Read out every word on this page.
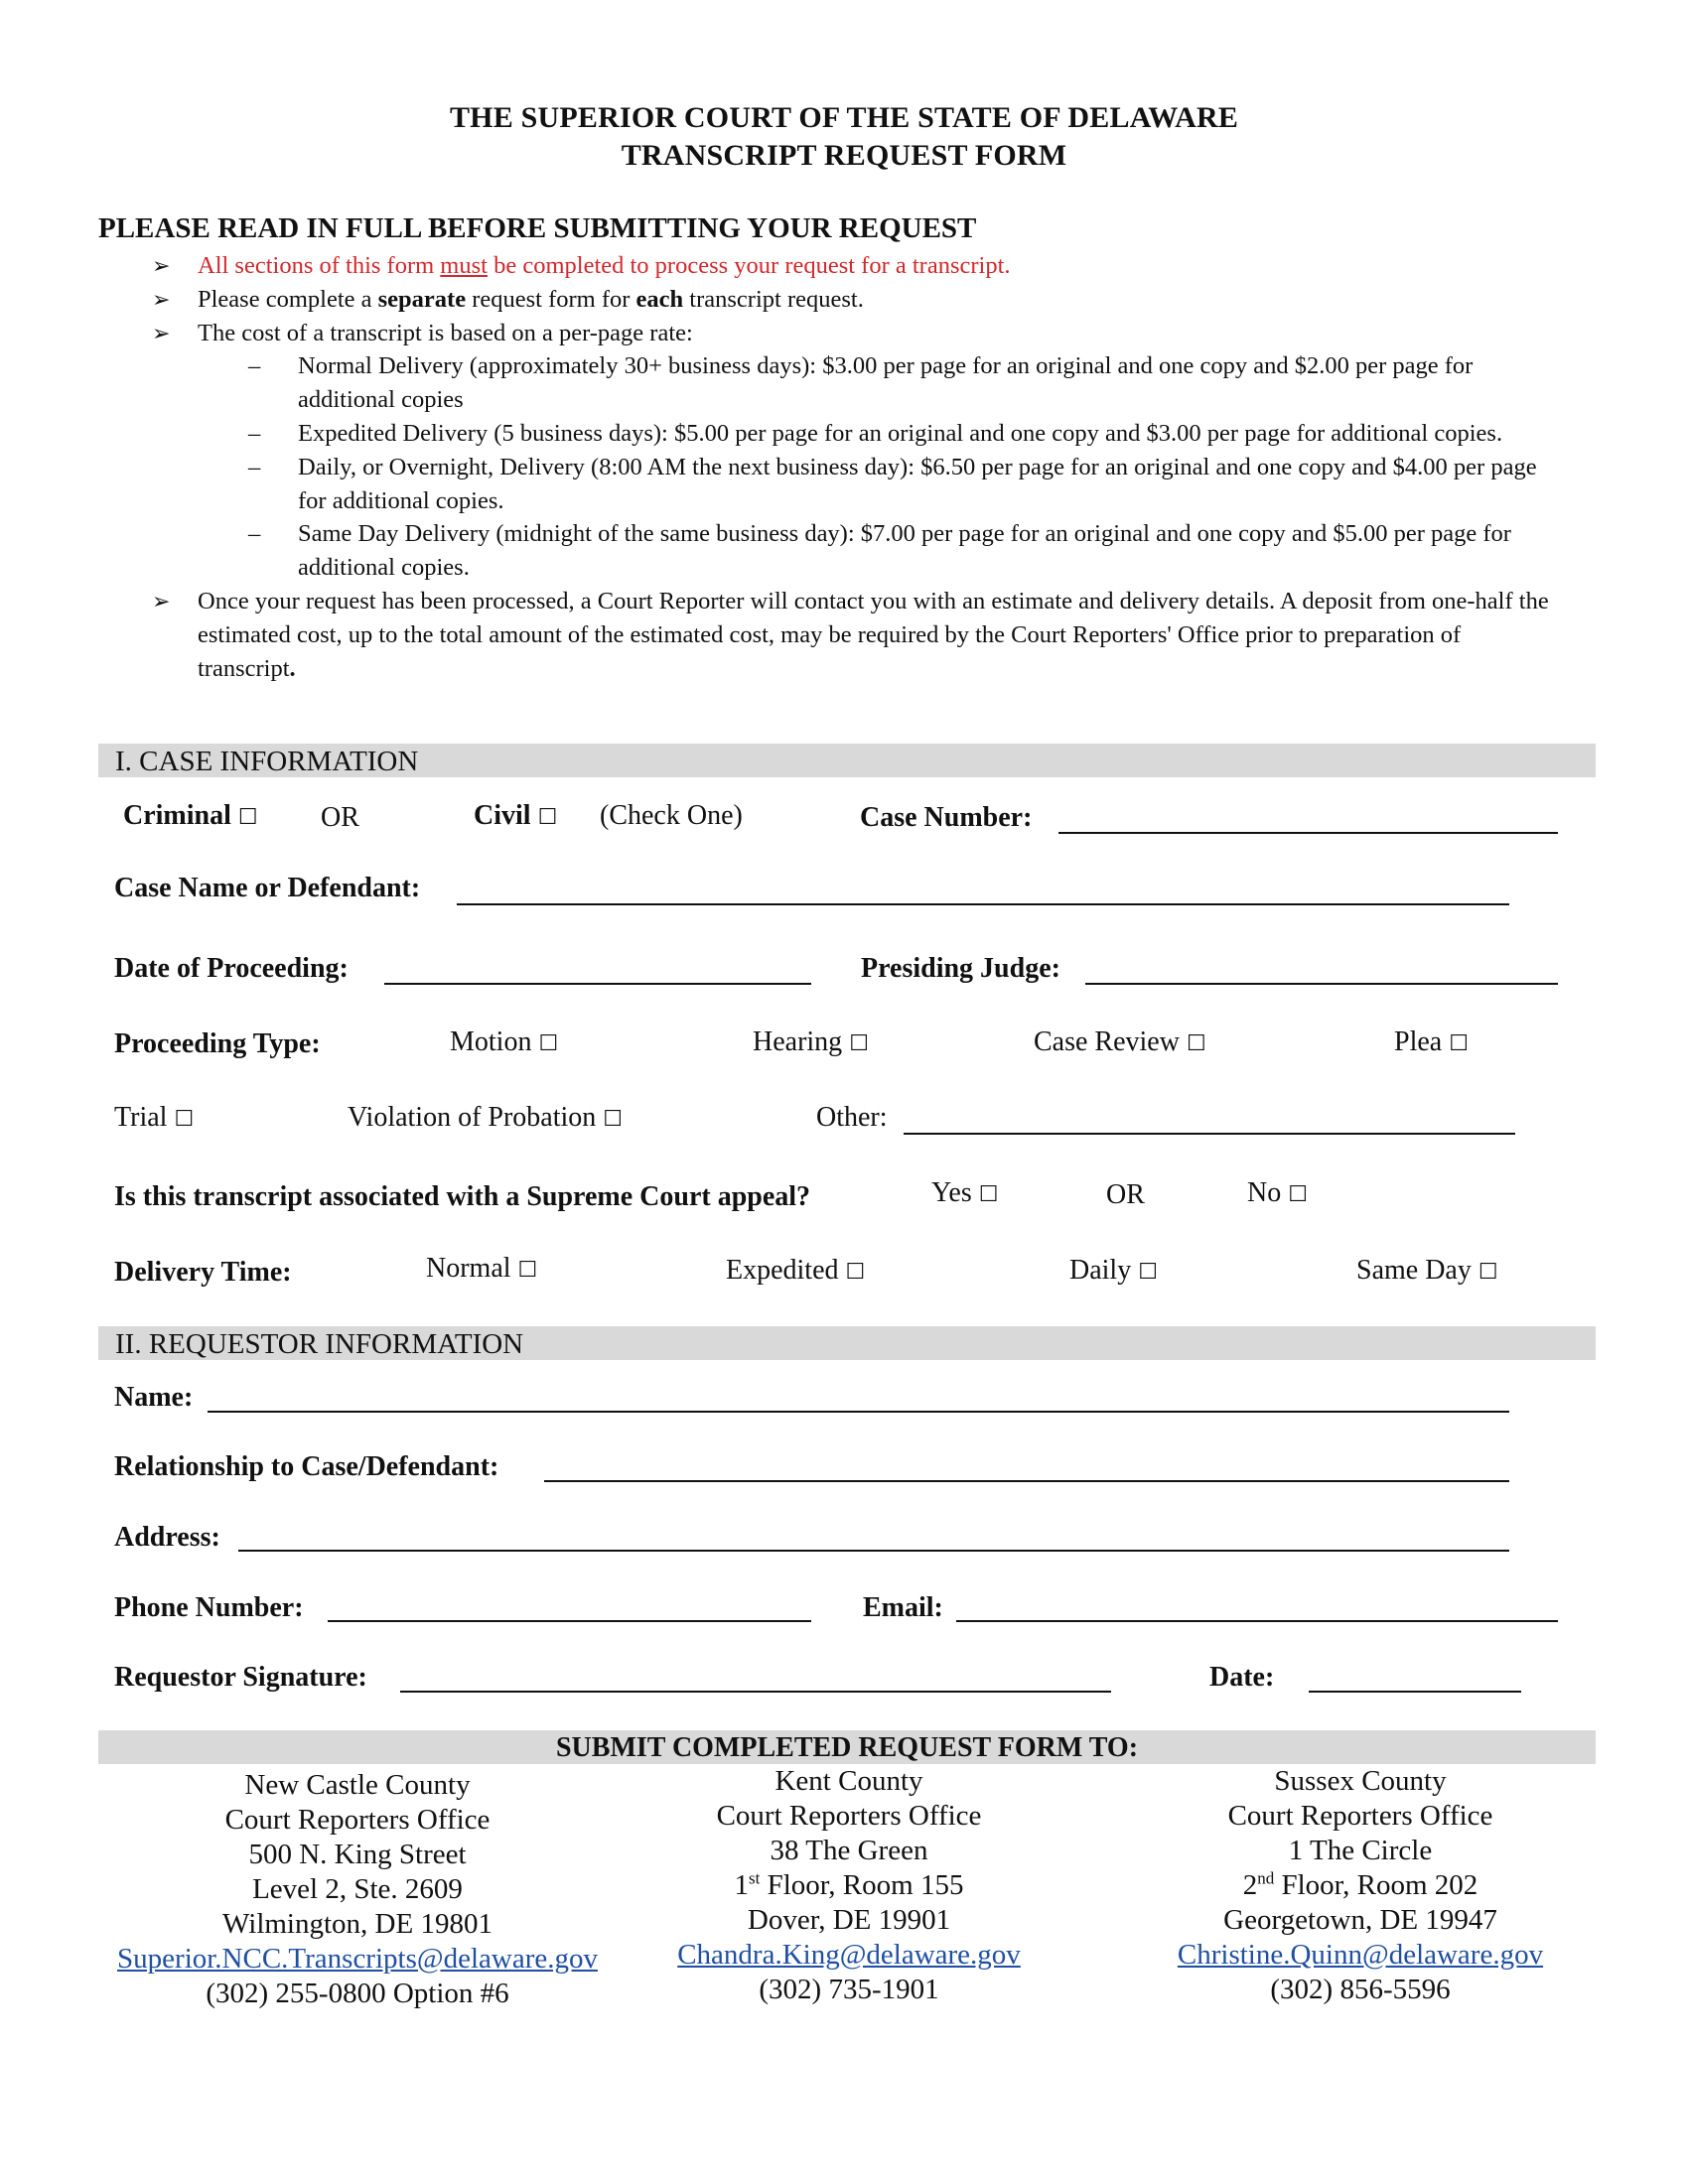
THE SUPERIOR COURT OF THE STATE OF DELAWARE
TRANSCRIPT REQUEST FORM
PLEASE READ IN FULL BEFORE SUBMITTING YOUR REQUEST
➢ All sections of this form must be completed to process your request for a transcript.
➢ Please complete a separate request form for each transcript request.
➢ The cost of a transcript is based on a per-page rate:
– Normal Delivery (approximately 30+ business days): $3.00 per page for an original and one copy and $2.00 per page for additional copies
– Expedited Delivery (5 business days): $5.00 per page for an original and one copy and $3.00 per page for additional copies.
– Daily, or Overnight, Delivery (8:00 AM the next business day): $6.50 per page for an original and one copy and $4.00 per page for additional copies.
– Same Day Delivery (midnight of the same business day): $7.00 per page for an original and one copy and $5.00 per page for additional copies.
➢ Once your request has been processed, a Court Reporter will contact you with an estimate and delivery details. A deposit from one-half the estimated cost, up to the total amount of the estimated cost, may be required by the Court Reporters' Office prior to preparation of transcript.
I. CASE INFORMATION
Criminal ☐ OR	Civil ☐ (Check One)	Case Number:
Case Name or Defendant:
Date of Proceeding:	Presiding Judge:
Proceeding Type:	Motion ☐	Hearing ☐	Case Review ☐	Plea ☐
Trial ☐	Violation of Probation ☐	Other:
Is this transcript associated with a Supreme Court appeal?	Yes ☐	OR	No ☐
Delivery Time:	Normal ☐	Expedited ☐	Daily ☐	Same Day ☐
II. REQUESTOR INFORMATION
Name:
Relationship to Case/Defendant:
Address:
Phone Number:	Email:
Requestor Signature:	Date:
SUBMIT COMPLETED REQUEST FORM TO:
New Castle County
Court Reporters Office
500 N. King Street
Level 2, Ste. 2609
Wilmington, DE 19801
Superior.NCC.Transcripts@delaware.gov
(302) 255-0800 Option #6
Kent County
Court Reporters Office
38 The Green
1st Floor, Room 155
Dover, DE 19901
Chandra.King@delaware.gov
(302) 735-1901
Sussex County
Court Reporters Office
1 The Circle
2nd Floor, Room 202
Georgetown, DE 19947
Christine.Quinn@delaware.gov
(302) 856-5596
